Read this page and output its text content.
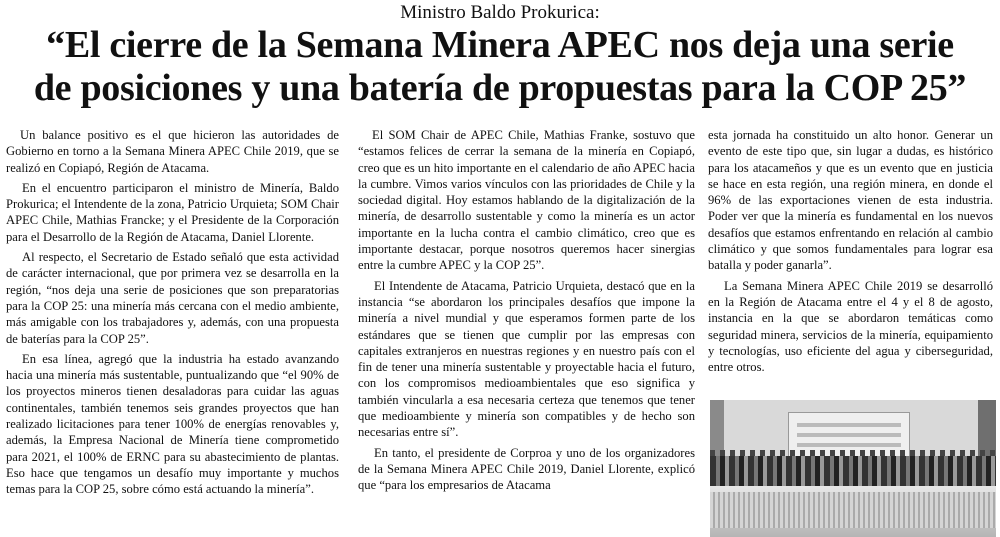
Ministro Baldo Prokurica:
“El cierre de la Semana Minera APEC nos deja una serie
de posiciones y una batería de propuestas para la COP 25”

Un balance positivo es el que hicieron las autoridades de Gobierno en torno a la Semana Minera APEC Chile 2019, que se realizó en Copiapó, Región de Atacama.

En el encuentro participaron el ministro de Minería, Baldo Prokurica; el Intendente de la zona, Patricio Urquieta; SOM Chair APEC Chile, Mathias Francke; y el Presidente de la Corporación para el Desarrollo de la Región de Atacama, Daniel Llorente.

Al respecto, el Secretario de Estado señaló que esta actividad de carácter internacional, que por primera vez se desarrolla en la región, “nos deja una serie de posiciones que son preparatorias para la COP 25: una minería más cercana con el medio ambiente, más amigable con los trabajadores y, además, con una propuesta de baterías para la COP 25”.

En esa línea, agregó que la industria ha estado avanzando hacia una minería más sustentable, puntualizando que “el 90% de los proyectos mineros tienen desaladoras para cuidar las aguas continentales, también tenemos seis grandes proyectos que han realizado licitaciones para tener 100% de energías renovables y, además, la Empresa Nacional de Minería tiene comprometido para 2021, el 100% de ERNC para su abastecimiento de plantas. Eso hace que tengamos un desafío muy importante y muchos temas para la COP 25, sobre cómo está actuando la minería”.

El SOM Chair de APEC Chile, Mathias Franke, sostuvo que “estamos felices de cerrar la semana de la minería en Copiapó, creo que es un hito importante en el calendario de año APEC hacia la cumbre. Vimos varios vínculos con las prioridades de Chile y la sociedad digital. Hoy estamos hablando de la digitalización de la minería, de desarrollo sustentable y como la minería es un actor importante en la lucha contra el cambio climático, creo que es importante destacar, porque nosotros queremos hacer sinergias entre la cumbre APEC y la COP 25”.

El Intendente de Atacama, Patricio Urquieta, destacó que en la instancia “se abordaron los principales desafíos que impone la minería a nivel mundial y que esperamos formen parte de los estándares que se tienen que cumplir por las empresas con capitales extranjeros en nuestras regiones y en nuestro país con el fin de tener una minería sustentable y proyectable hacia el futuro, con los compromisos medioambientales que eso significa y también vincularla a esa necesaria certeza que tenemos que tener que medioambiente y minería son compatibles y de hecho son necesarias entre sí”.

En tanto, el presidente de Corproa y uno de los organizadores de la Semana Minera APEC Chile 2019, Daniel Llorente, explicó que “para los empresarios de Atacama

esta jornada ha constituido un alto honor. Generar un evento de este tipo que, sin lugar a dudas, es histórico para los atacameños y que es un evento que en justicia se hace en esta región, una región minera, en donde el 96% de las exportaciones vienen de esta industria. Poder ver que la minería es fundamental en los nuevos desafíos que estamos enfrentando en relación al cambio climático y que somos fundamentales para lograr esa batalla y poder ganarla”.

La Semana Minera APEC Chile 2019 se desarrolló en la Región de Atacama entre el 4 y el 8 de agosto, instancia en la que se abordaron temáticas como seguridad minera, servicios de la minería, equipamiento y tecnologías, uso eficiente del agua y ciberseguridad, entre otros.
